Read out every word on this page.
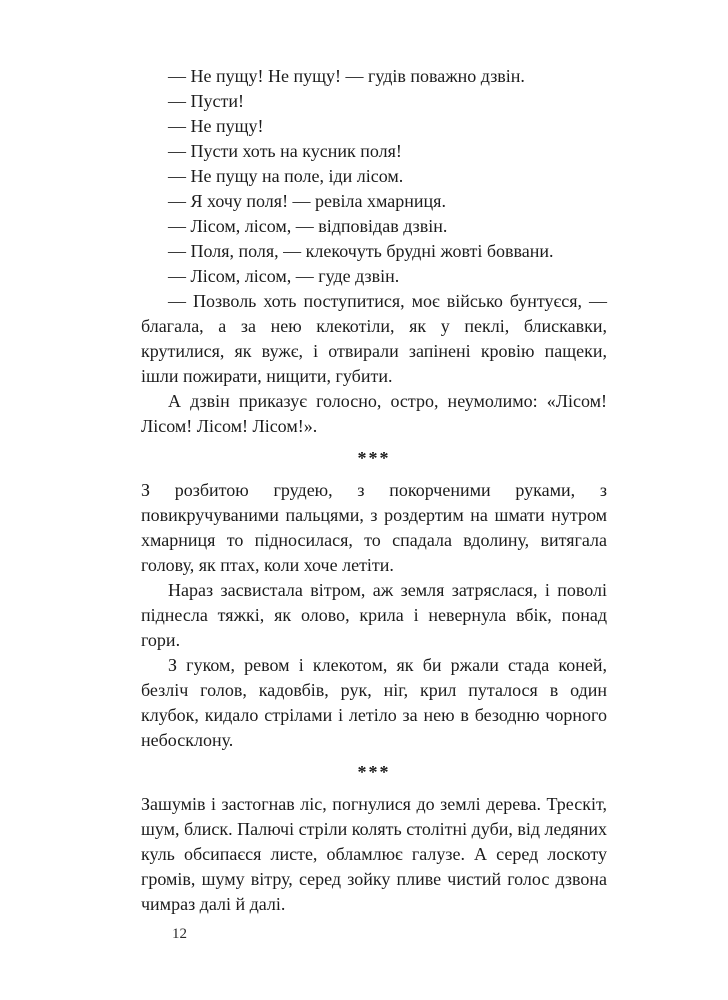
— Не пущу! Не пущу! — гудів поважно дзвін.

— Пусти!

— Не пущу!

— Пусти хоть на кусник поля!

— Не пущу на поле, іди лісом.

— Я хочу поля! — ревіла хмарниця.

— Лісом, лісом, — відповідав дзвін.

— Поля, поля, — клекочуть брудні жовті боввани.

— Лісом, лісом, — гуде дзвін.

— Позволь хоть поступитися, моє військо бунтуєся, — благала, а за нею клекотіли, як у пеклі, блискавки, крутилися, як вужє, і отвирали запінені кровію пащеки, ішли пожирати, нищити, губити.

А дзвін приказує голосно, остро, неумолимо: «Лісом! Лісом! Лісом! Лісом!».

***

З розбитою грудею, з покорченими руками, з повикручуваними пальцями, з роздертим на шмати нутром хмарниця то підносилася, то спадала вдолину, витягала голову, як птах, коли хоче летіти.

Нараз засвистала вітром, аж земля затряслася, і поволі піднесла тяжкі, як олово, крила і невернула вбік, понад гори.

З гуком, ревом і клекотом, як би ржали стада коней, безліч голов, кадовбів, рук, ніг, крил путалося в один клубок, кидало стрілами і летіло за нею в безодню чорного небосклону.

***

Зашумів і застогнав ліс, погнулися до землі дерева. Трескіт, шум, блиск. Палючі стріли колять столітні дуби, від ледяних куль обсипаєся листе, обламлює галузе. А серед лоскоту громів, шуму вітру, серед зойку пливе чистий голос дзвона чимраз далі й далі.

12
